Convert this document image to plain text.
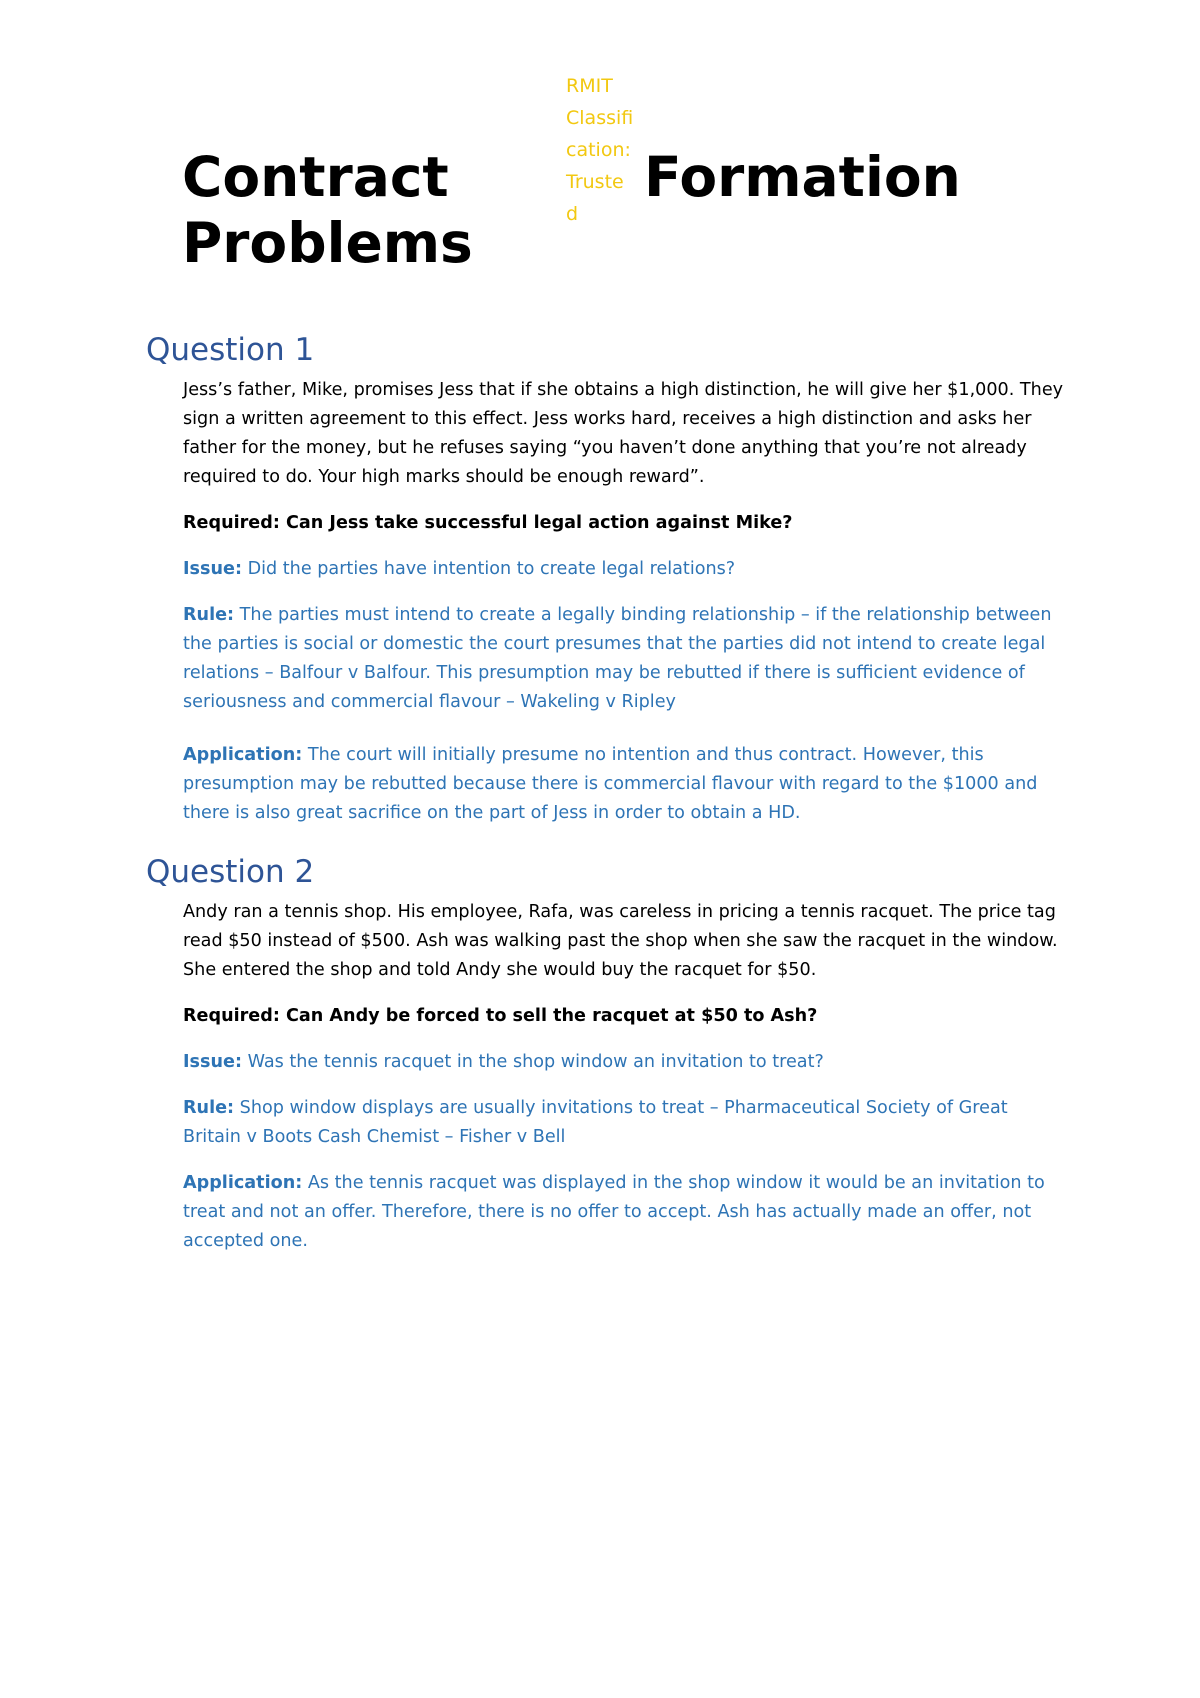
Contract
Problems
RMIT
Classifi
cation:
Truste
d
Formation
Question 1

Jess’s father, Mike, promises Jess that if she obtains a high distinction, he will give her $1,000. They sign a written agreement to this effect. Jess works hard, receives a high distinction and asks her father for the money, but he refuses saying “you haven’t done anything that you’re not already required to do. Your high marks should be enough reward”.

Required: Can Jess take successful legal action against Mike?

Issue: Did the parties have intention to create legal relations?

Rule: The parties must intend to create a legally binding relationship – if the relationship between the parties is social or domestic the court presumes that the parties did not intend to create legal relations – Balfour v Balfour. This presumption may be rebutted if there is sufficient evidence of seriousness and commercial flavour – Wakeling v Ripley

Application: The court will initially presume no intention and thus contract. However, this presumption may be rebutted because there is commercial flavour with regard to the $1000 and there is also great sacrifice on the part of Jess in order to obtain a HD.

Question 2

Andy ran a tennis shop. His employee, Rafa, was careless in pricing a tennis racquet. The price tag read $50 instead of $500. Ash was walking past the shop when she saw the racquet in the window. She entered the shop and told Andy she would buy the racquet for $50.

Required: Can Andy be forced to sell the racquet at $50 to Ash?

Issue: Was the tennis racquet in the shop window an invitation to treat?

Rule: Shop window displays are usually invitations to treat – Pharmaceutical Society of Great Britain v Boots Cash Chemist – Fisher v Bell

Application: As the tennis racquet was displayed in the shop window it would be an invitation to treat and not an offer. Therefore, there is no offer to accept. Ash has actually made an offer, not accepted one.
